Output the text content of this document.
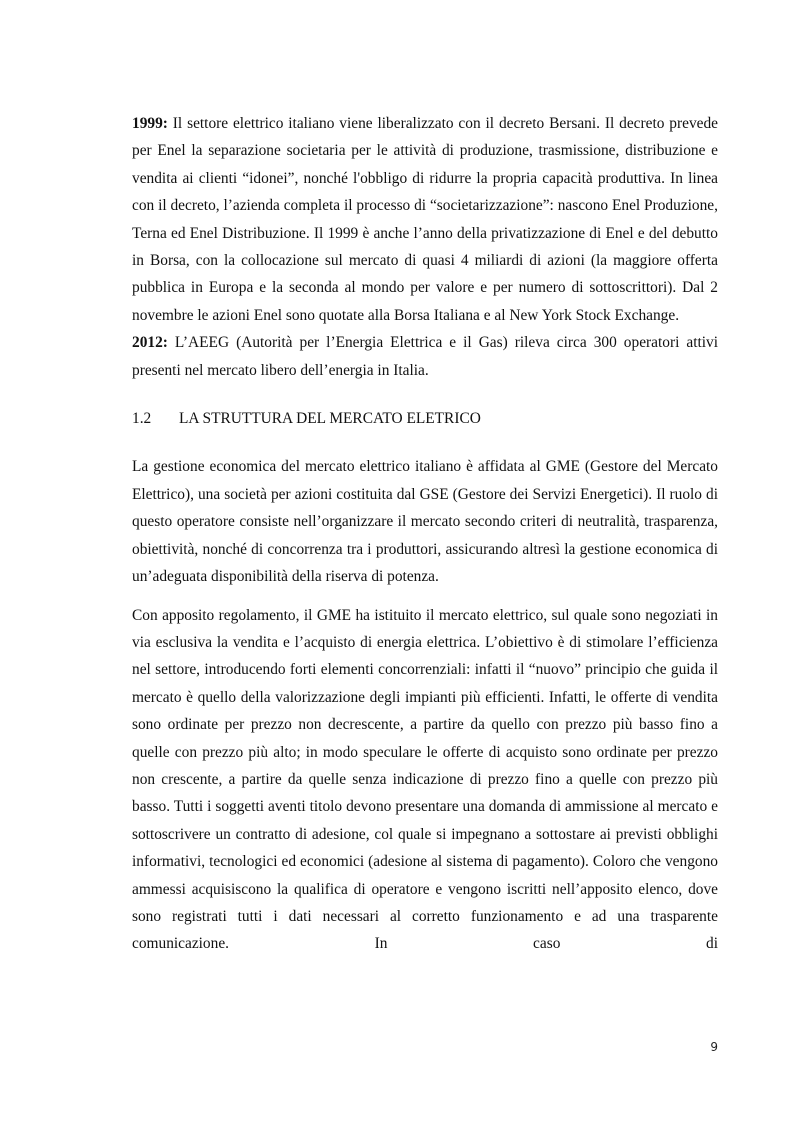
1999: Il settore elettrico italiano viene liberalizzato con il decreto Bersani. Il decreto prevede per Enel la separazione societaria per le attività di produzione, trasmissione, distribuzione e vendita ai clienti “idonei”, nonché l'obbligo di ridurre la propria capacità produttiva. In linea con il decreto, l’azienda completa il processo di “societarizzazione”: nascono Enel Produzione, Terna ed Enel Distribuzione. Il 1999 è anche l’anno della privatizzazione di Enel e del debutto in Borsa, con la collocazione sul mercato di quasi 4 miliardi di azioni (la maggiore offerta pubblica in Europa e la seconda al mondo per valore e per numero di sottoscrittori). Dal 2 novembre le azioni Enel sono quotate alla Borsa Italiana e al New York Stock Exchange.

2012: L’AEEG (Autorità per l’Energia Elettrica e il Gas) rileva circa 300 operatori attivi presenti nel mercato libero dell’energia in Italia.

1.2	LA STRUTTURA DEL MERCATO ELETRICO

La gestione economica del mercato elettrico italiano è affidata al GME (Gestore del Mercato Elettrico), una società per azioni costituita dal GSE (Gestore dei Servizi Energetici). Il ruolo di questo operatore consiste nell’organizzare il mercato secondo criteri di neutralità, trasparenza, obiettività, nonché di concorrenza tra i produttori, assicurando altresì la gestione economica di un’adeguata disponibilità della riserva di potenza.

Con apposito regolamento, il GME ha istituito il mercato elettrico, sul quale sono negoziati in via esclusiva la vendita e l’acquisto di energia elettrica. L’obiettivo è di stimolare l’efficienza nel settore, introducendo forti elementi concorrenziali: infatti il “nuovo” principio che guida il mercato è quello della valorizzazione degli impianti più efficienti. Infatti, le offerte di vendita sono ordinate per prezzo non decrescente, a partire da quello con prezzo più basso fino a quelle con prezzo più alto; in modo speculare le offerte di acquisto sono ordinate per prezzo non crescente, a partire da quelle senza indicazione di prezzo fino a quelle con prezzo più basso. Tutti i soggetti aventi titolo devono presentare una domanda di ammissione al mercato e sottoscrivere un contratto di adesione, col quale si impegnano a sottostare ai previsti obblighi informativi, tecnologici ed economici (adesione al sistema di pagamento). Coloro che vengono ammessi acquisiscono la qualifica di operatore e vengono iscritti nell’apposito elenco, dove sono registrati tutti i dati necessari al corretto funzionamento e ad una trasparente comunicazione. In caso di

9
